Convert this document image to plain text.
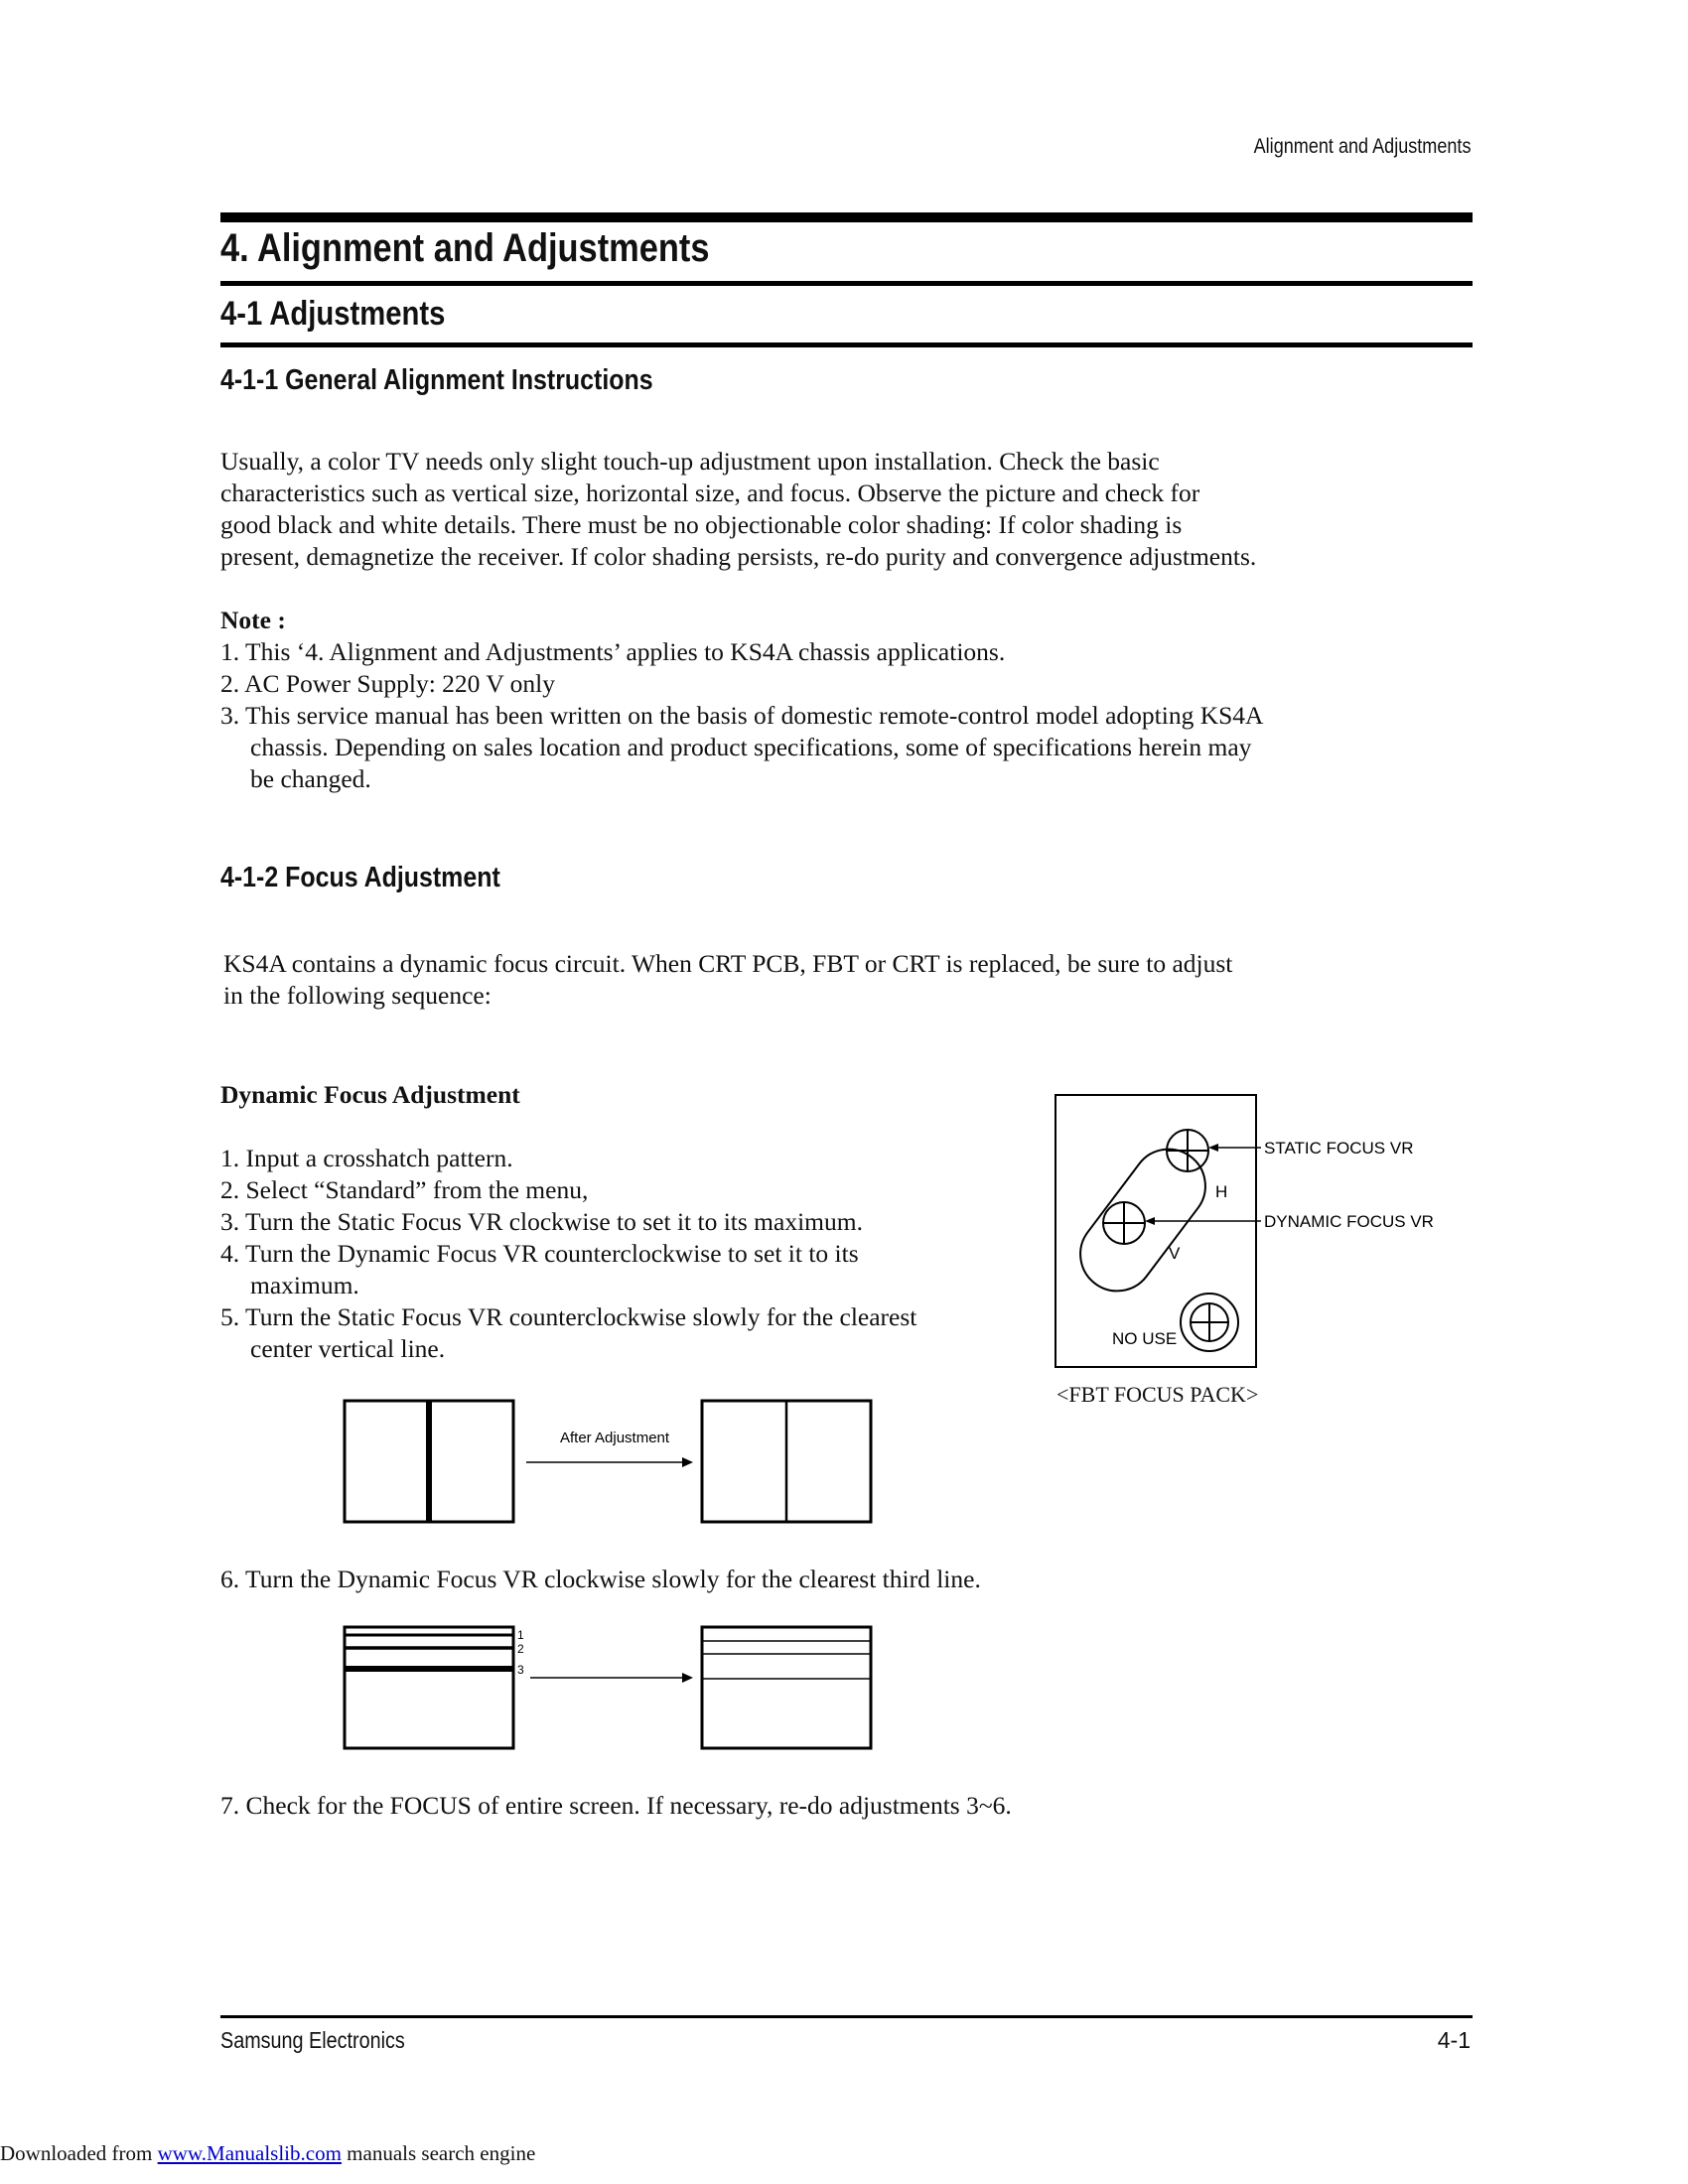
Alignment and Adjustments
4. Alignment and Adjustments
4-1 Adjustments
4-1-1 General Alignment Instructions

Usually, a color TV needs only slight touch-up adjustment upon installation. Check the basic

characteristics such as vertical size, horizontal size, and focus. Observe the picture and check for

good black and white details. There must be no objectionable color shading: If color shading is

present, demagnetize the receiver. If color shading persists, re-do purity and convergence adjustments.

Note :

1. This ‘4. Alignment and Adjustments’ applies to KS4A chassis applications.

2. AC Power Supply: 220 V only

3. This service manual has been written on the basis of domestic remote-control model adopting KS4A

chassis. Depending on sales location and product specifications, some of specifications herein may

be changed.

4-1-2 Focus Adjustment

KS4A contains a dynamic focus circuit. When CRT PCB, FBT or CRT is replaced, be sure to adjust

in the following sequence:

Dynamic Focus Adjustment

1. Input a crosshatch pattern.

2. Select “Standard” from the menu,

3. Turn the Static Focus VR clockwise to set it to its maximum.

4. Turn the Dynamic Focus VR counterclockwise to set it to its

maximum.

5. Turn the Static Focus VR counterclockwise slowly for the clearest

center vertical line.

STATIC FOCUS VR
DYNAMIC FOCUS VR
H
V
NO USE
<FBT FOCUS PACK>
After Adjustment
6. Turn the Dynamic Focus VR clockwise slowly for the clearest third line.
1
2
3
7. Check for the FOCUS of entire screen. If necessary, re-do adjustments 3~6.
Samsung Electronics	4-1
Downloaded from www.Manualslib.com manuals search engine
